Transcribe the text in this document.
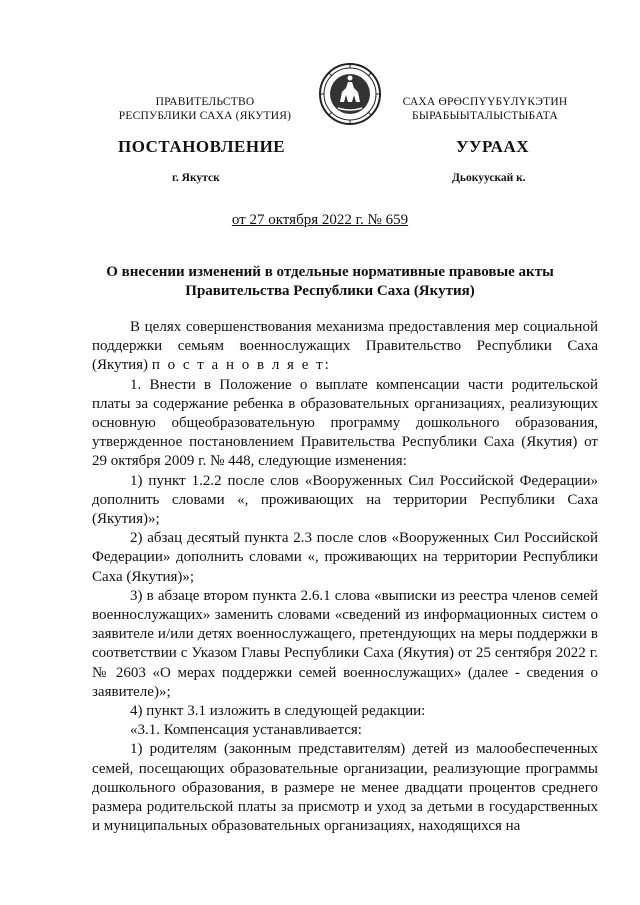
ПРАВИТЕЛЬСТВО
РЕСПУБЛИКИ САХА (ЯКУТИЯ)
САХА ӨРӨСПҮҮБҮЛҮКЭТИН
БЫРАБЫЫТАЛЫСТЫБАТА
ПОСТАНОВЛЕНИЕ	УУРААХ
г. Якутск	Дьокуускай к.
от 27 октября 2022 г. № 659
О внесении изменений в отдельные нормативные правовые акты
Правительства Республики Саха (Якутия)

В целях совершенствования механизма предоставления мер социальной поддержки семьям военнослужащих Правительство Республики Саха (Якутия) п о с т а н о в л я е т:

1. Внести в Положение о выплате компенсации части родительской платы за содержание ребенка в образовательных организациях, реализующих основную общеобразовательную программу дошкольного образования, утвержденное постановлением Правительства Республики Саха (Якутия) от 29 октября 2009 г. № 448, следующие изменения:

1) пункт 1.2.2 после слов «Вооруженных Сил Российской Федерации» дополнить словами «, проживающих на территории Республики Саха (Якутия)»;

2) абзац десятый пункта 2.3 после слов «Вооруженных Сил Российской Федерации» дополнить словами «, проживающих на территории Республики Саха (Якутия)»;

3) в абзаце втором пункта 2.6.1 слова «выписки из реестра членов семей военнослужащих» заменить словами «сведений из информационных систем о заявителе и/или детях военнослужащего, претендующих на меры поддержки в соответствии с Указом Главы Республики Саха (Якутия) от 25 сентября 2022 г. № 2603 «О мерах поддержки семей военнослужащих» (далее - сведения о заявителе)»;

4) пункт 3.1 изложить в следующей редакции:

«3.1. Компенсация устанавливается:

1) родителям (законным представителям) детей из малообеспеченных семей, посещающих образовательные организации, реализующие программы дошкольного образования, в размере не менее двадцати процентов среднего размера родительской платы за присмотр и уход за детьми в государственных и муниципальных образовательных организациях, находящихся на
